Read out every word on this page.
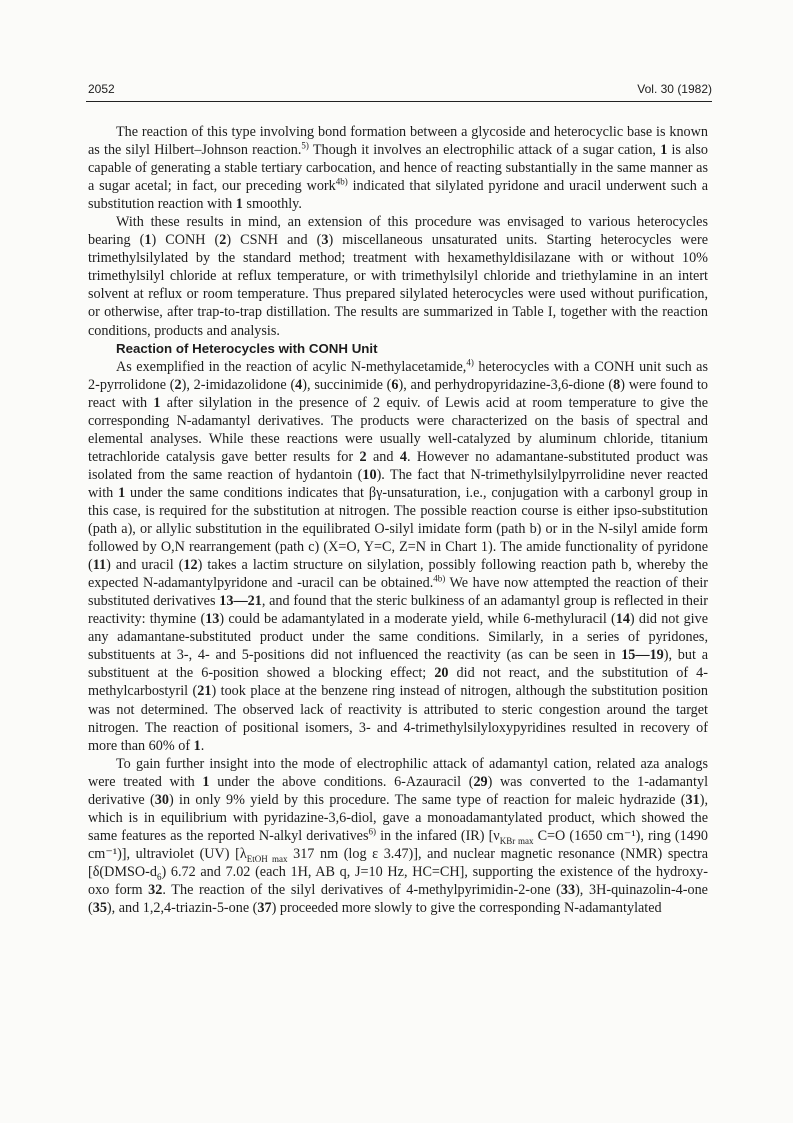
2052	Vol. 30 (1982)

The reaction of this type involving bond formation between a glycoside and heterocyclic base is known as the silyl Hilbert–Johnson reaction.$^{5)}$ Though it involves an electrophilic attack of a sugar cation, 1 is also capable of generating a stable tertiary carbocation, and hence of reacting substantially in the same manner as a sugar acetal; in fact, our preceding work$^{4b)}$ indicated that silylated pyridone and uracil underwent such a substitution reaction with 1 smoothly.

With these results in mind, an extension of this procedure was envisaged to various heterocycles bearing (1) CONH (2) CSNH and (3) miscellaneous unsaturated units. Starting heterocycles were trimethylsilylated by the standard method; treatment with hexamethyldisilazane with or without 10% trimethylsilyl chloride at reflux temperature, or with trimethylsilyl chloride and triethylamine in an intert solvent at reflux or room temperature. Thus prepared silylated heterocycles were used without purification, or otherwise, after trap-to-trap distillation. The results are summarized in Table I, together with the reaction conditions, products and analysis.

Reaction of Heterocycles with CONH Unit

As exemplified in the reaction of acylic N-methylacetamide,$^{4)}$ heterocycles with a CONH unit such as 2-pyrrolidone (2), 2-imidazolidone (4), succinimide (6), and perhydropyridazine-3,6-dione (8) were found to react with 1 after silylation in the presence of 2 equiv. of Lewis acid at room temperature to give the corresponding N-adamantyl derivatives. The products were characterized on the basis of spectral and elemental analyses. While these reactions were usually well-catalyzed by aluminum chloride, titanium tetrachloride catalysis gave better results for 2 and 4. However no adamantane-substituted product was isolated from the same reaction of hydantoin (10). The fact that N-trimethylsilylpyrrolidine never reacted with 1 under the same conditions indicates that βγ-unsaturation, i.e., conjugation with a carbonyl group in this case, is required for the substitution at nitrogen. The possible reaction course is either ipso-substitution (path a), or allylic substitution in the equilibrated O-silyl imidate form (path b) or in the N-silyl amide form followed by O,N rearrangement (path c) (X=O, Y=C, Z=N in Chart 1). The amide functionality of pyridone (11) and uracil (12) takes a lactim structure on silylation, possibly following reaction path b, whereby the expected N-adamantylpyridone and -uracil can be obtained.$^{4b)}$ We have now attempted the reaction of their substituted derivatives 13—21, and found that the steric bulkiness of an adamantyl group is reflected in their reactivity: thymine (13) could be adamantylated in a moderate yield, while 6-methyluracil (14) did not give any adamantane-substituted product under the same conditions. Similarly, in a series of pyridones, substituents at 3-, 4- and 5-positions did not influenced the reactivity (as can be seen in 15—19), but a substituent at the 6-position showed a blocking effect; 20 did not react, and the substitution of 4-methylcarbostyril (21) took place at the benzene ring instead of nitrogen, although the substitution position was not determined. The observed lack of reactivity is attributed to steric congestion around the target nitrogen. The reaction of positional isomers, 3- and 4-trimethylsilyloxypyridines resulted in recovery of more than 60% of 1.

To gain further insight into the mode of electrophilic attack of adamantyl cation, related aza analogs were treated with 1 under the above conditions. 6-Azauracil (29) was converted to the 1-adamantyl derivative (30) in only 9% yield by this procedure. The same type of reaction for maleic hydrazide (31), which is in equilibrium with pyridazine-3,6-diol, gave a monoadamantylated product, which showed the same features as the reported N-alkyl derivatives$^{6)}$ in the infared (IR) [$\nu_{KBr max}$ C=O (1650 cm⁻¹), ring (1490 cm⁻¹)], ultraviolet (UV) [$\lambda_{EtOH max}$ 317 nm (log ε 3.47)], and nuclear magnetic resonance (NMR) spectra [$\delta(DMSO-d_6)$ 6.72 and 7.02 (each 1H, AB q, J=10 Hz, HC=CH], supporting the existence of the hydroxy-oxo form 32. The reaction of the silyl derivatives of 4-methylpyrimidin-2-one (33), 3H-quinazolin-4-one (35), and 1,2,4-triazin-5-one (37) proceeded more slowly to give the corresponding N-adamantylated
